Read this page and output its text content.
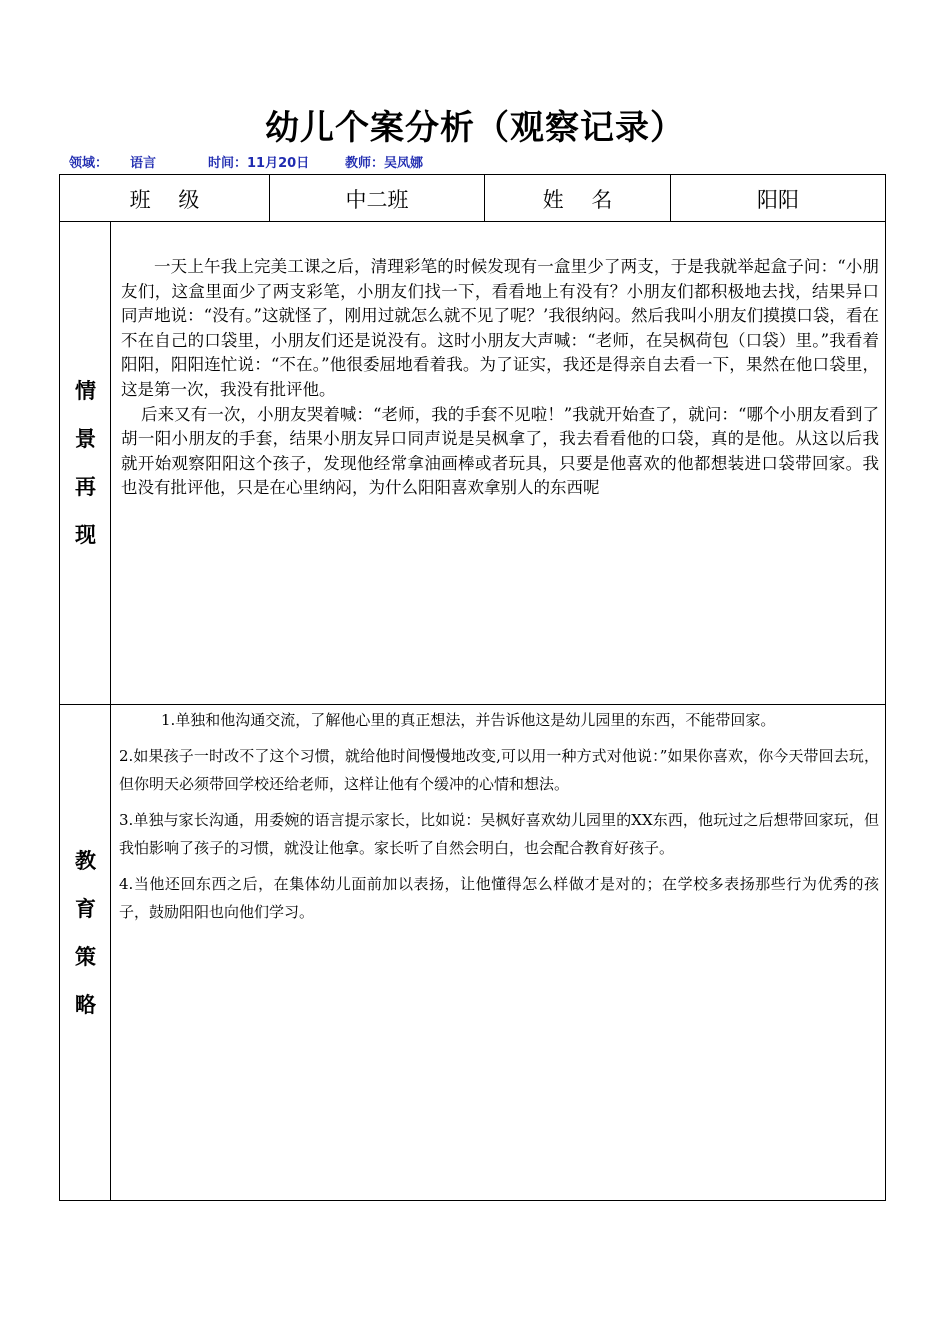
幼儿个案分析（观察记录）
领域： 语言	时间：11月20日	教师：吴凤娜
班　 级	中二班	姓　 名	阳阳
情
景
再
现

一天上午我上完美工课之后，清理彩笔的时候发现有一盒里少了两支，于是我就举起盒子问：“小朋友们，这盒里面少了两支彩笔，小朋友们找一下，看看地上有没有？小朋友们都积极地去找，结果异口同声地说：“没有。”这就怪了，刚用过就怎么就不见了呢？’我很纳闷。然后我叫小朋友们摸摸口袋，看在不在自己的口袋里，小朋友们还是说没有。这时小朋友大声喊：“老师，在吴枫荷包（口袋）里。”我看着阳阳，阳阳连忙说：“不在。”他很委屈地看着我。为了证实，我还是得亲自去看一下，果然在他口袋里，这是第一次，我没有批评他。

后来又有一次，小朋友哭着喊：“老师，我的手套不见啦！”我就开始查了，就问：“哪个小朋友看到了胡一阳小朋友的手套，结果小朋友异口同声说是吴枫拿了，我去看看他的口袋，真的是他。从这以后我就开始观察阳阳这个孩子，发现他经常拿油画棒或者玩具，只要是他喜欢的他都想装进口袋带回家。我也没有批评他，只是在心里纳闷，为什么阳阳喜欢拿别人的东西呢

教
育
策
略

1.单独和他沟通交流，了解他心里的真正想法，并告诉他这是幼儿园里的东西，不能带回家。

2.如果孩子一时改不了这个习惯，就给他时间慢慢地改变,可以用一种方式对他说：”如果你喜欢，你今天带回去玩，但你明天必须带回学校还给老师，这样让他有个缓冲的心情和想法。

3.单独与家长沟通，用委婉的语言提示家长，比如说：吴枫好喜欢幼儿园里的XX东西，他玩过之后想带回家玩，但我怕影响了孩子的习惯，就没让他拿。家长听了自然会明白，也会配合教育好孩子。

4.当他还回东西之后，在集体幼儿面前加以表扬，让他懂得怎么样做才是对的；在学校多表扬那些行为优秀的孩子，鼓励阳阳也向他们学习。
